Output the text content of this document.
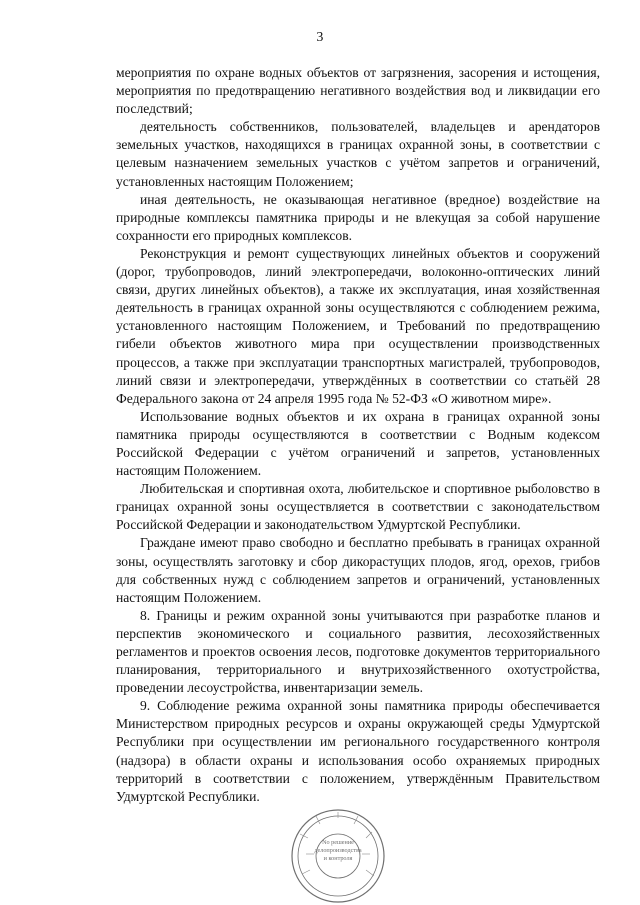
3

мероприятия по охране водных объектов от загрязнения, засорения и истощения, мероприятия по предотвращению негативного воздействия вод и ликвидации его последствий;

деятельность собственников, пользователей, владельцев и арендаторов земельных участков, находящихся в границах охранной зоны, в соответствии с целевым назначением земельных участков с учётом запретов и ограничений, установленных настоящим Положением;

иная деятельность, не оказывающая негативное (вредное) воздействие на природные комплексы памятника природы и не влекущая за собой нарушение сохранности его природных комплексов.

Реконструкция и ремонт существующих линейных объектов и сооружений (дорог, трубопроводов, линий электропередачи, волоконно-оптических линий связи, других линейных объектов), а также их эксплуатация, иная хозяйственная деятельность в границах охранной зоны осуществляются с соблюдением режима, установленного настоящим Положением, и Требований по предотвращению гибели объектов животного мира при осуществлении производственных процессов, а также при эксплуатации транспортных магистралей, трубопроводов, линий связи и электропередачи, утверждённых в соответствии со статьёй 28 Федерального закона от 24 апреля 1995 года № 52-ФЗ «О животном мире».

Использование водных объектов и их охрана в границах охранной зоны памятника природы осуществляются в соответствии с Водным кодексом Российской Федерации с учётом ограничений и запретов, установленных настоящим Положением.

Любительская и спортивная охота, любительское и спортивное рыболовство в границах охранной зоны осуществляется в соответствии с законодательством Российской Федерации и законодательством Удмуртской Республики.

Граждане имеют право свободно и бесплатно пребывать в границах охранной зоны, осуществлять заготовку и сбор дикорастущих плодов, ягод, орехов, грибов для собственных нужд с соблюдением запретов и ограничений, установленных настоящим Положением.

8. Границы и режим охранной зоны учитываются при разработке планов и перспектив экономического и социального развития, лесохозяйственных регламентов и проектов освоения лесов, подготовке документов территориального планирования, территориального и внутрихозяйственного охотустройства, проведении лесоустройства, инвентаризации земель.

9. Соблюдение режима охранной зоны памятника природы обеспечивается Министерством природных ресурсов и охраны окружающей среды Удмуртской Республики при осуществлении им регионального государственного контроля (надзора) в области охраны и использования особо охраняемых природных территорий в соответствии с положением, утверждённым Правительством Удмуртской Республики.

No решение
делопроизводства
и контроля
